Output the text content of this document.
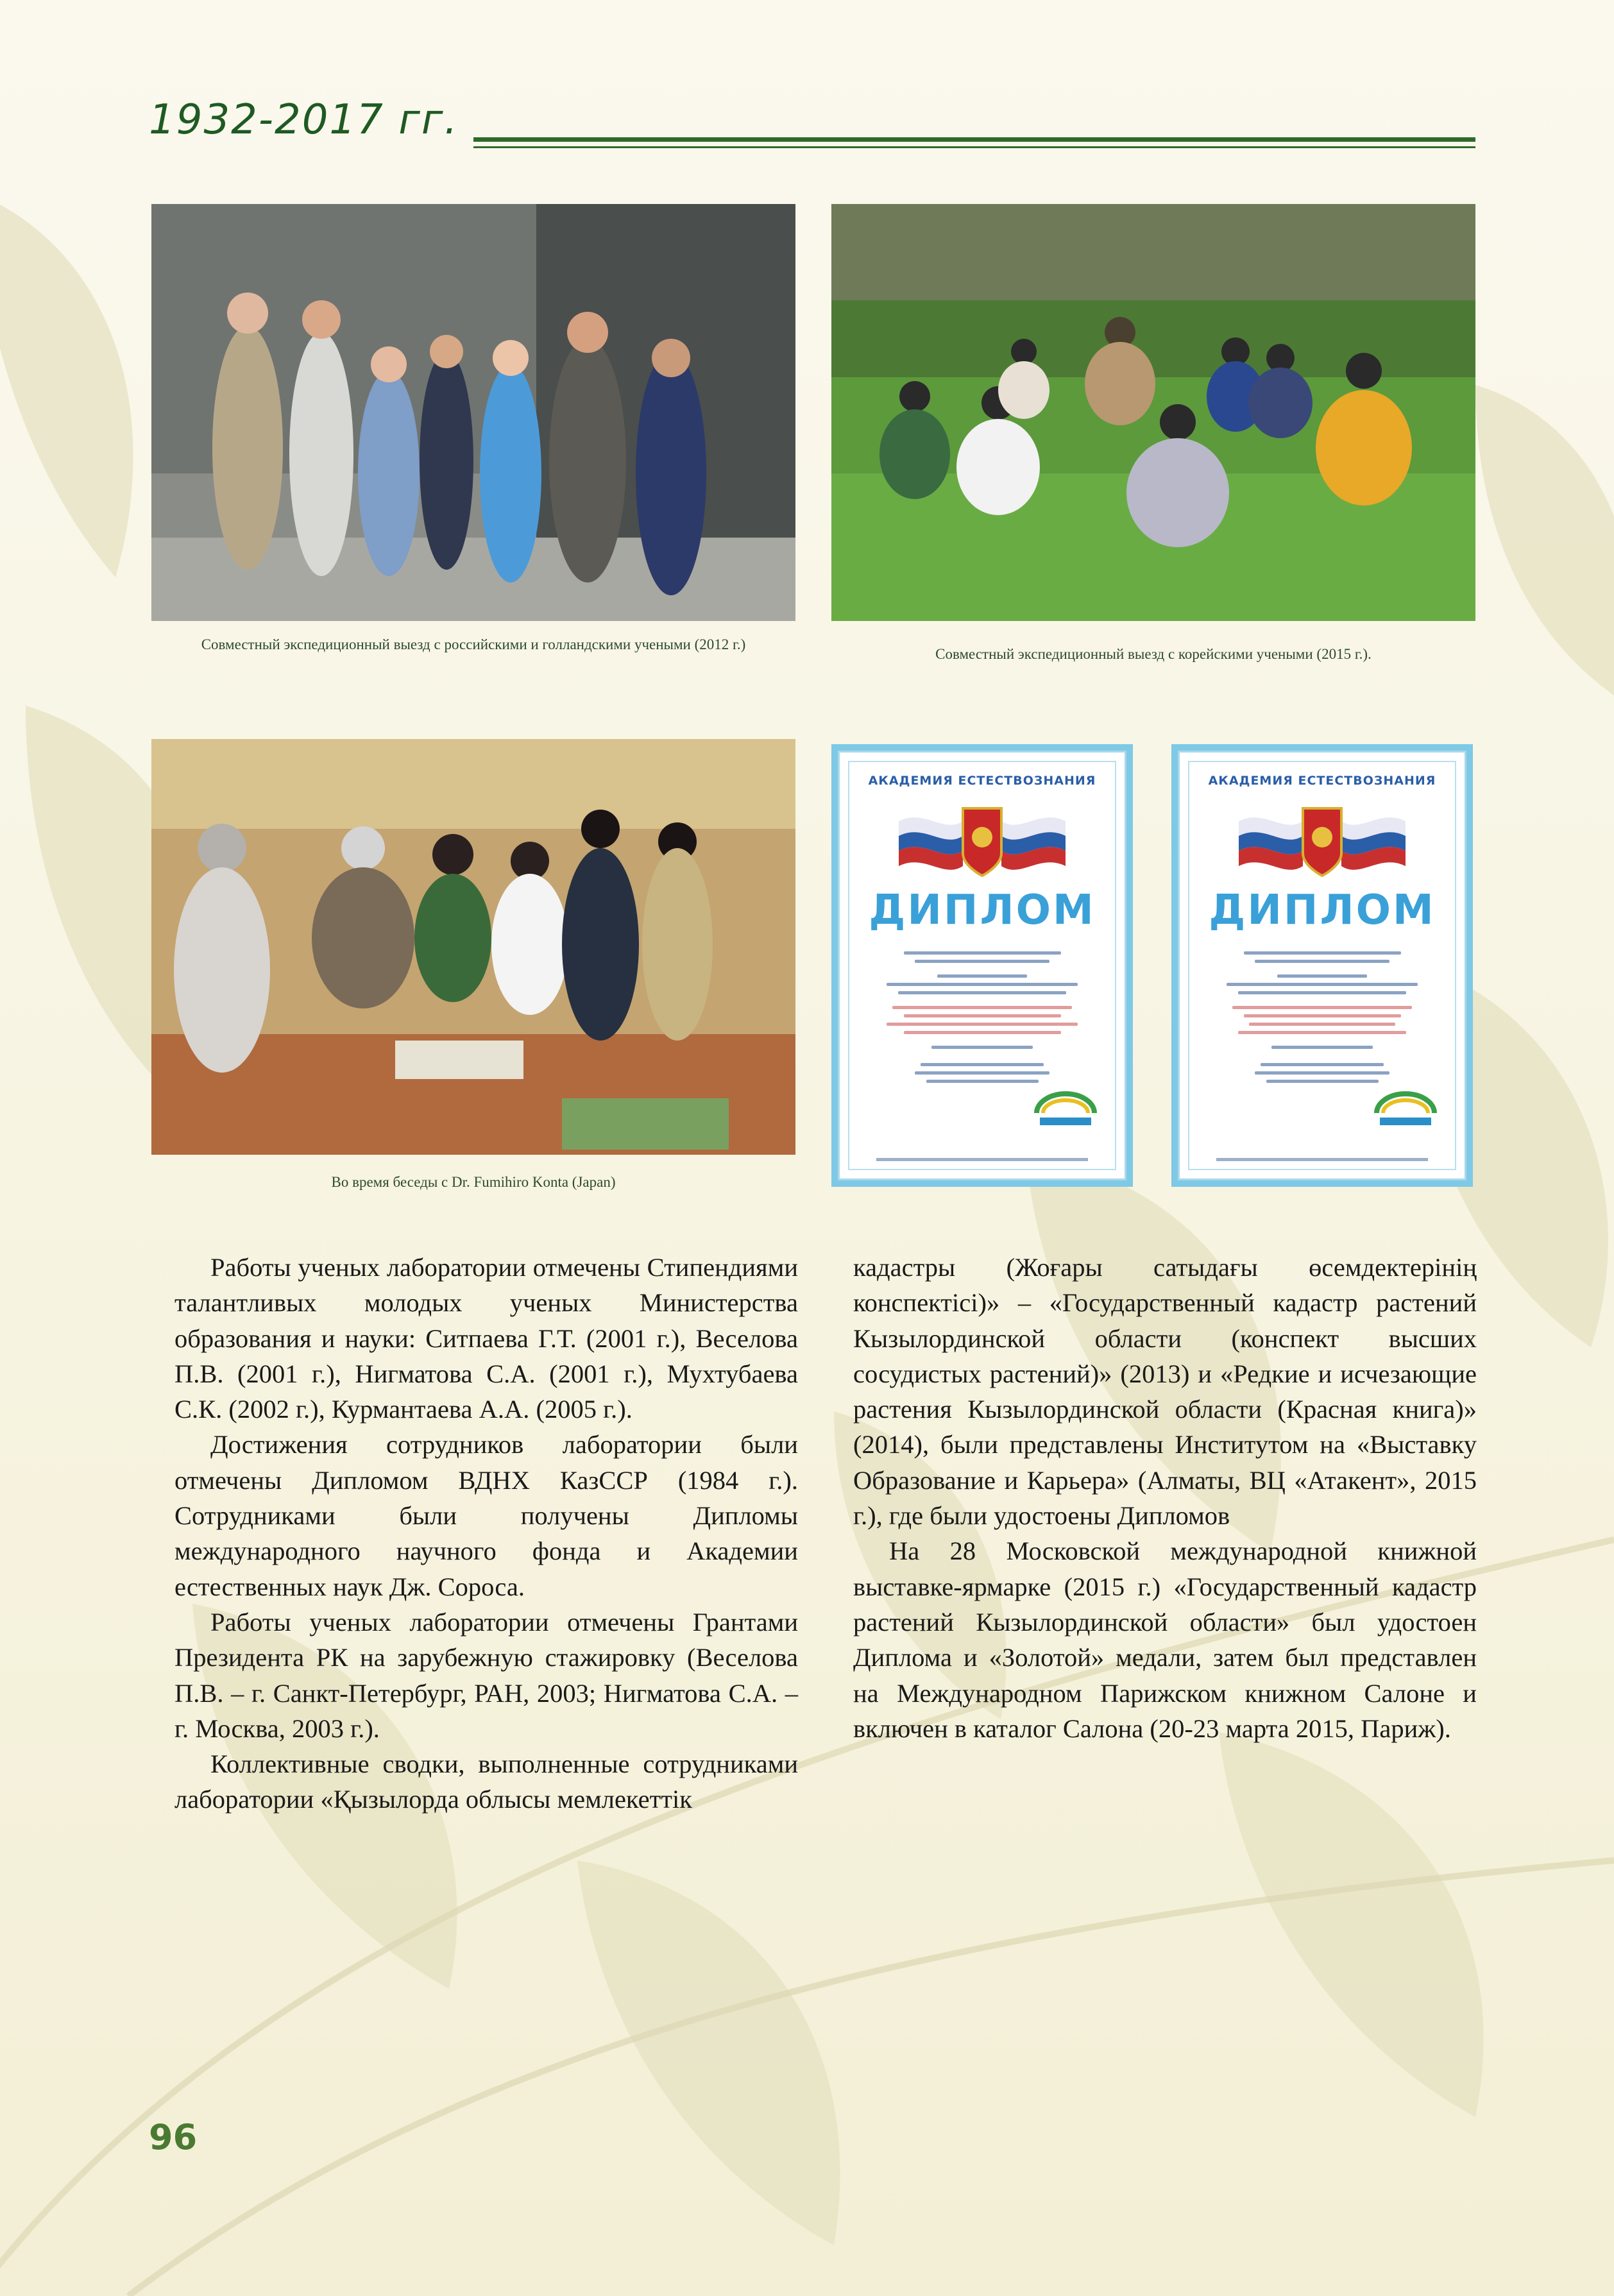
1932-2017 гг.
Совместный экспедиционный выезд с российскими и голландскими учеными (2012 г.)
Совместный экспедиционный выезд с корейскими учеными (2015 г.).
Во время беседы с Dr. Fumihiro Konta (Japan)
АКАДЕМИЯ ЕСТЕСТВОЗНАНИЯ
ДИПЛОМ
АКАДЕМИЯ ЕСТЕСТВОЗНАНИЯ
ДИПЛОМ

Работы ученых лаборатории отмечены Стипендиями талантливых молодых ученых Министерства образования и науки: Ситпаева Г.Т. (2001 г.), Веселова П.В. (2001 г.), Нигматова С.А. (2001 г.), Мухтубаева С.К. (2002 г.), Курмантаева А.А. (2005 г.).

Достижения сотрудников лаборатории были отмечены Дипломом ВДНХ КазССР (1984 г.). Сотрудниками были получены Дипломы международного научного фонда и Академии естественных наук Дж. Сороса.

Работы ученых лаборатории отмечены Грантами Президента РК на зарубежную стажировку (Веселова П.В. – г. Санкт-Петербург, РАН, 2003; Нигматова С.А. – г. Москва, 2003 г.).

Коллективные сводки, выполненные сотрудниками лаборатории «Қызылорда облысы мемлекеттік

кадастры (Жоғары сатыдағы өсемдектерінің конспектісі)» – «Государственный кадастр растений Кызылординской области (конспект высших сосудистых растений)» (2013) и «Редкие и исчезающие растения Кызылординской области (Красная книга)» (2014), были представлены Институтом на «Выставку Образование и Карьера» (Алматы, ВЦ «Атакент», 2015 г.), где были удостоены Дипломов

На 28 Московской международной книжной выставке-ярмарке (2015 г.) «Государственный кадастр растений Кызылординской области» был удостоен Диплома и «Золотой» медали, затем был представлен на Международном Парижском книжном Салоне и включен в каталог Салона (20-23 марта 2015, Париж).

96
